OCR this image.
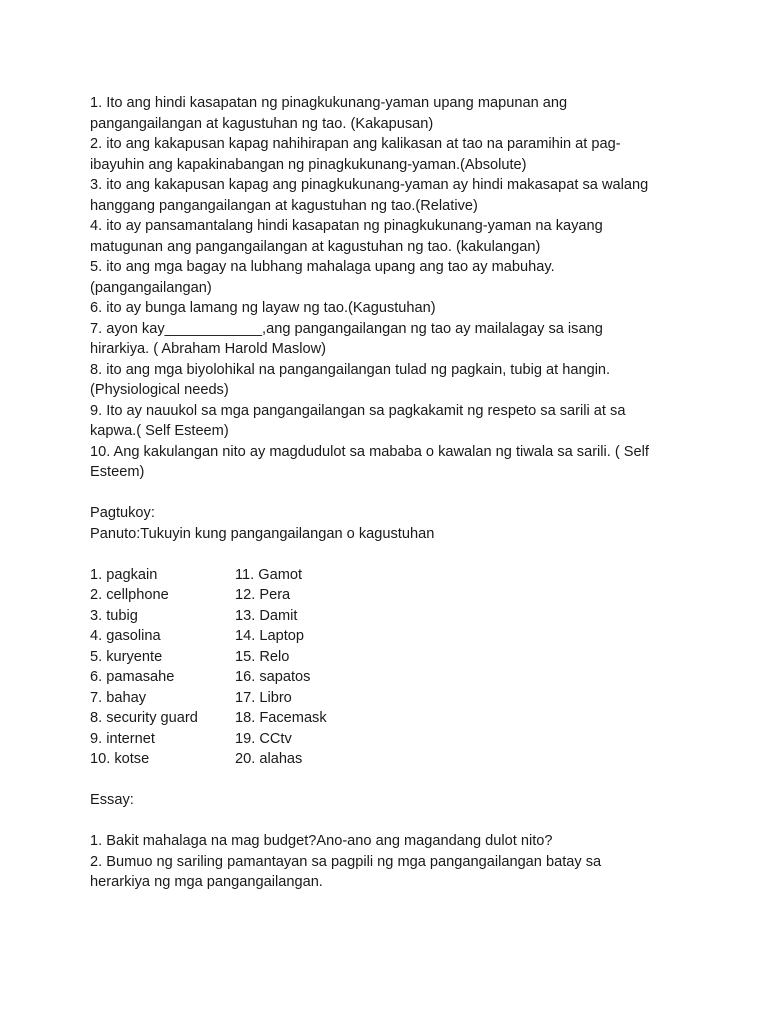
1. Ito ang hindi kasapatan ng pinagkukunang-yaman upang mapunan ang
pangangailangan at kagustuhan ng tao. (Kakapusan)
2. ito ang kakapusan kapag nahihirapan ang kalikasan at tao na paramihin at pag-
ibayuhin ang kapakinabangan ng pinagkukunang-yaman.(Absolute)
3. ito ang kakapusan kapag ang pinagkukunang-yaman ay hindi makasapat sa walang
hanggang pangangailangan at kagustuhan ng tao.(Relative)
4. ito ay pansamantalang hindi kasapatan ng pinagkukunang-yaman na kayang
matugunan ang pangangailangan at kagustuhan ng tao. (kakulangan)
5. ito ang mga bagay na lubhang mahalaga upang ang tao ay mabuhay.
(pangangailangan)
6. ito ay bunga lamang ng layaw ng tao.(Kagustuhan)
7. ayon kay____________,ang pangangailangan ng tao ay mailalagay sa isang
hirarkiya. ( Abraham Harold Maslow)
8. ito ang mga biyolohikal na pangangailangan tulad ng pagkain, tubig at hangin.
(Physiological needs)
9. Ito ay nauukol sa mga pangangailangan sa pagkakamit ng respeto sa sarili at sa
kapwa.( Self Esteem)
10. Ang kakulangan nito ay magdudulot sa mababa o kawalan ng tiwala sa sarili. ( Self
Esteem)
Pagtukoy:
Panuto:Tukuyin kung pangangailangan o kagustuhan
1. pagkain
2. cellphone
3. tubig
4. gasolina
5. kuryente
6. pamasahe
7. bahay
8. security guard
9. internet
10. kotse
11. Gamot
12. Pera
13. Damit
14. Laptop
15. Relo
16. sapatos
17. Libro
18. Facemask
19. CCtv
20. alahas
Essay:
1. Bakit mahalaga na mag budget?Ano-ano ang magandang dulot nito?
2. Bumuo ng sariling pamantayan sa pagpili ng mga pangangailangan batay sa
herarkiya ng mga pangangailangan.
